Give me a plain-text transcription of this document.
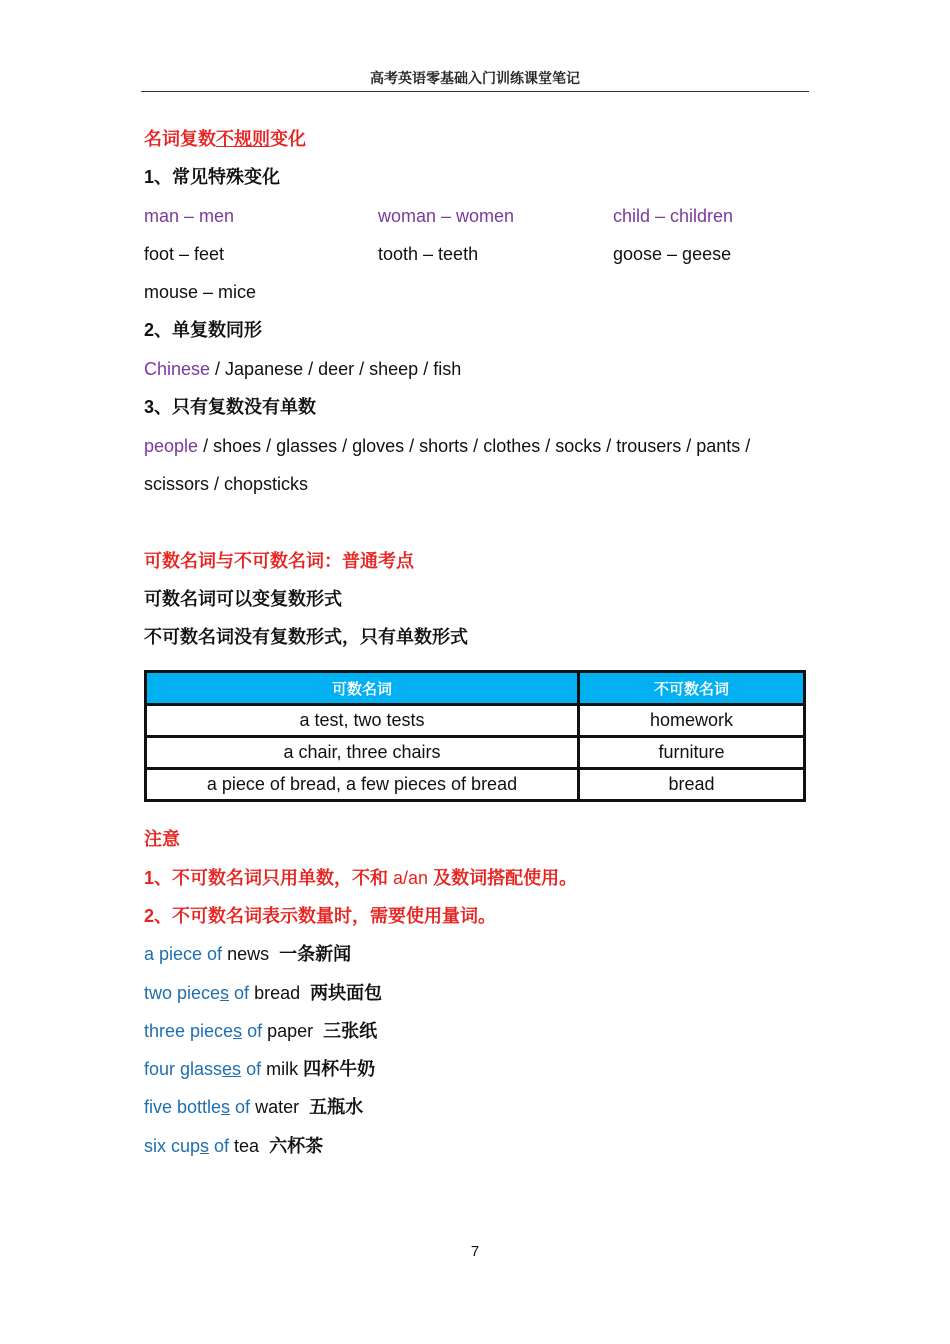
高考英语零基础入门训练课堂笔记
名词复数不规则变化
1、常见特殊变化
man – men	woman – women	child – children
foot – feet	tooth – teeth	goose – geese
mouse – mice
2、单复数同形
Chinese / Japanese / deer / sheep / fish
3、只有复数没有单数
people / shoes / glasses / gloves / shorts / clothes / socks / trousers / pants /
scissors / chopsticks
可数名词与不可数名词：普通考点
可数名词可以变复数形式
不可数名词没有复数形式，只有单数形式
可数名词	不可数名词
a test, two tests	homework
a chair, three chairs	furniture
a piece of bread, a few pieces of bread	bread
注意
1、不可数名词只用单数，不和 a/an 及数词搭配使用。
2、不可数名词表示数量时，需要使用量词。
a piece of news 一条新闻
two pieces of bread 两块面包
three pieces of paper 三张纸
four glasses of milk 四杯牛奶
five bottles of water 五瓶水
six cups of tea 六杯茶
7
